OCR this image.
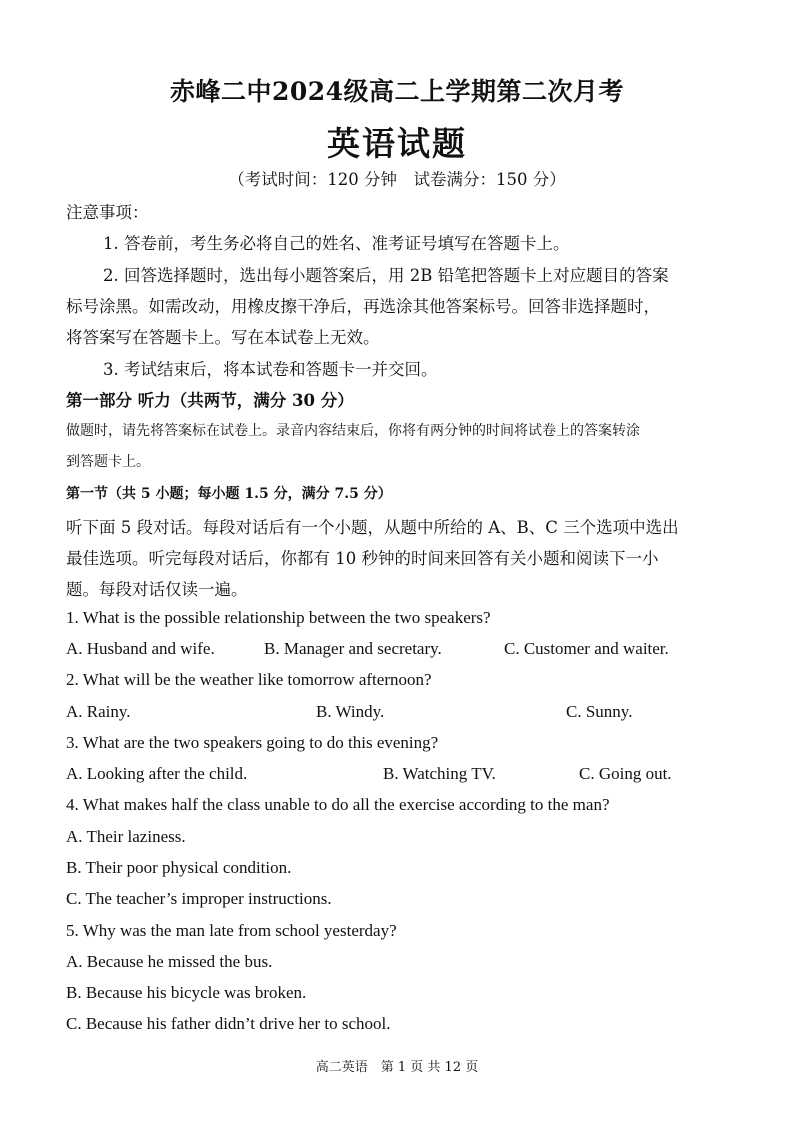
赤峰二中2024级高二上学期第二次月考
英语试题
（考试时间：120 分钟　试卷满分：150 分）
注意事项：
1. 答卷前，考生务必将自己的姓名、准考证号填写在答题卡上。
2. 回答选择题时，选出每小题答案后，用 2B 铅笔把答题卡上对应题目的答案
标号涂黑。如需改动，用橡皮擦干净后，再选涂其他答案标号。回答非选择题时，
将答案写在答题卡上。写在本试卷上无效。
3. 考试结束后，将本试卷和答题卡一并交回。
第一部分 听力（共两节，满分 30 分）
做题时，请先将答案标在试卷上。录音内容结束后，你将有两分钟的时间将试卷上的答案转涂
到答题卡上。
第一节（共 5 小题；每小题 1.5 分，满分 7.5 分）
听下面 5 段对话。每段对话后有一个小题，从题中所给的 A、B、C 三个选项中选出
最佳选项。听完每段对话后，你都有 10 秒钟的时间来回答有关小题和阅读下一小
题。每段对话仅读一遍。
1. What is the possible relationship between the two speakers?
A. Husband and wife.	B. Manager and secretary.	C. Customer and waiter.
2. What will be the weather like tomorrow afternoon?
A. Rainy.	B. Windy.	C. Sunny.
3. What are the two speakers going to do this evening?
A. Looking after the child.	B. Watching TV.	C. Going out.
4. What makes half the class unable to do all the exercise according to the man?
A. Their laziness.
B. Their poor physical condition.
C. The teacher’s improper instructions.
5. Why was the man late from school yesterday?
A. Because he missed the bus.
B. Because his bicycle was broken.
C. Because his father didn’t drive her to school.
高二英语　第 1 页 共 12 页
